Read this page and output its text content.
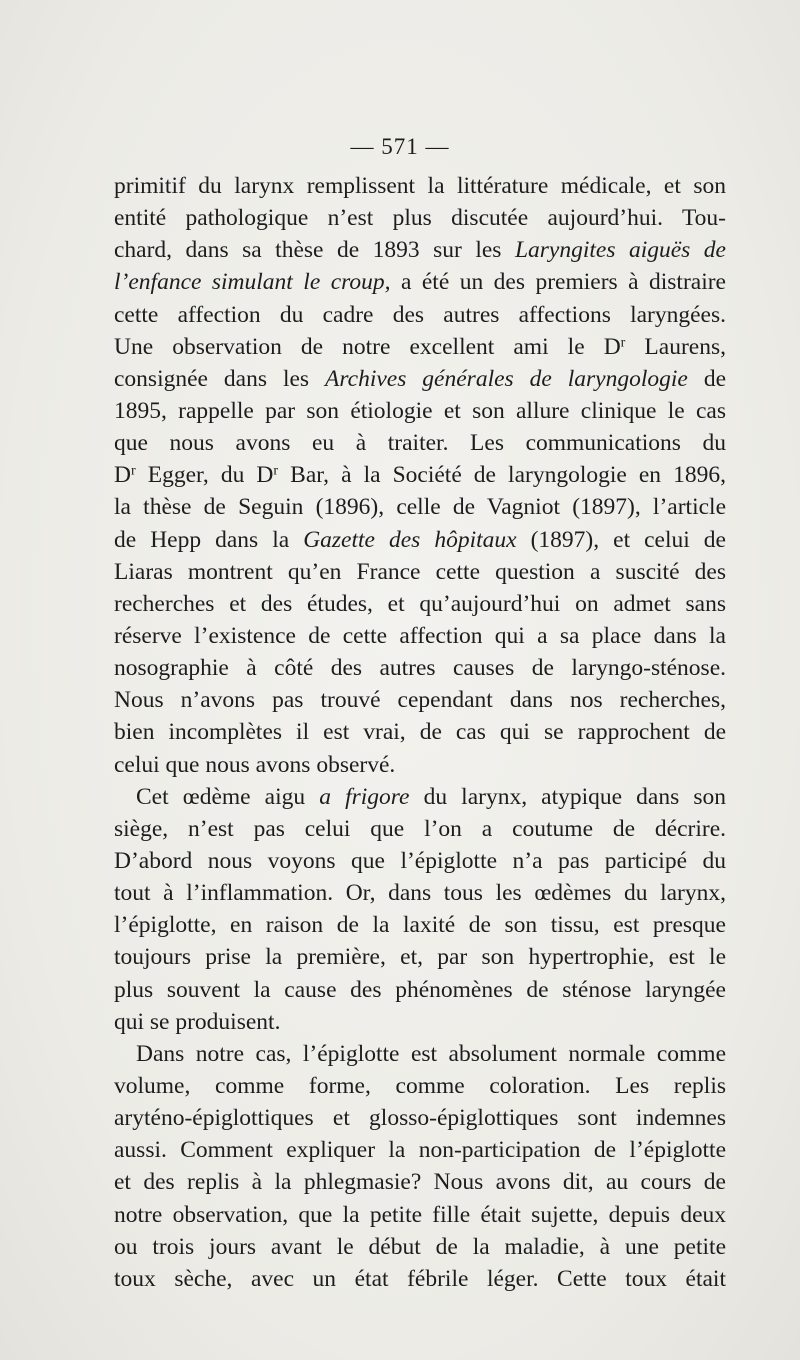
— 571 —
primitif du larynx remplissent la littérature médicale, et son
entité pathologique n’est plus discutée aujourd’hui. Tou-
chard, dans sa thèse de 1893 sur les Laryngites aiguës de
l’enfance simulant le croup, a été un des premiers à distraire
cette affection du cadre des autres affections laryngées.
Une observation de notre excellent ami le $D^r$ Laurens,
consignée dans les Archives générales de laryngologie de
1895, rappelle par son étiologie et son allure clinique le cas
que nous avons eu à traiter. Les communications du
$D^r$ Egger, du $D^r$ Bar, à la Société de laryngologie en 1896,
la thèse de Seguin (1896), celle de Vagniot (1897), l’article
de Hepp dans la Gazette des hôpitaux (1897), et celui de
Liaras montrent qu’en France cette question a suscité des
recherches et des études, et qu’aujourd’hui on admet sans
réserve l’existence de cette affection qui a sa place dans la
nosographie à côté des autres causes de laryngo-sténose.
Nous n’avons pas trouvé cependant dans nos recherches,
bien incomplètes il est vrai, de cas qui se rapprochent de
celui que nous avons observé.
Cet œdème aigu a frigore du larynx, atypique dans son
siège, n’est pas celui que l’on a coutume de décrire.
D’abord nous voyons que l’épiglotte n’a pas participé du
tout à l’inflammation. Or, dans tous les œdèmes du larynx,
l’épiglotte, en raison de la laxité de son tissu, est presque
toujours prise la première, et, par son hypertrophie, est le
plus souvent la cause des phénomènes de sténose laryngée
qui se produisent.
Dans notre cas, l’épiglotte est absolument normale comme
volume, comme forme, comme coloration. Les replis
aryténo-épiglottiques et glosso-épiglottiques sont indemnes
aussi. Comment expliquer la non-participation de l’épiglotte
et des replis à la phlegmasie? Nous avons dit, au cours de
notre observation, que la petite fille était sujette, depuis deux
ou trois jours avant le début de la maladie, à une petite
toux sèche, avec un état fébrile léger. Cette toux était
